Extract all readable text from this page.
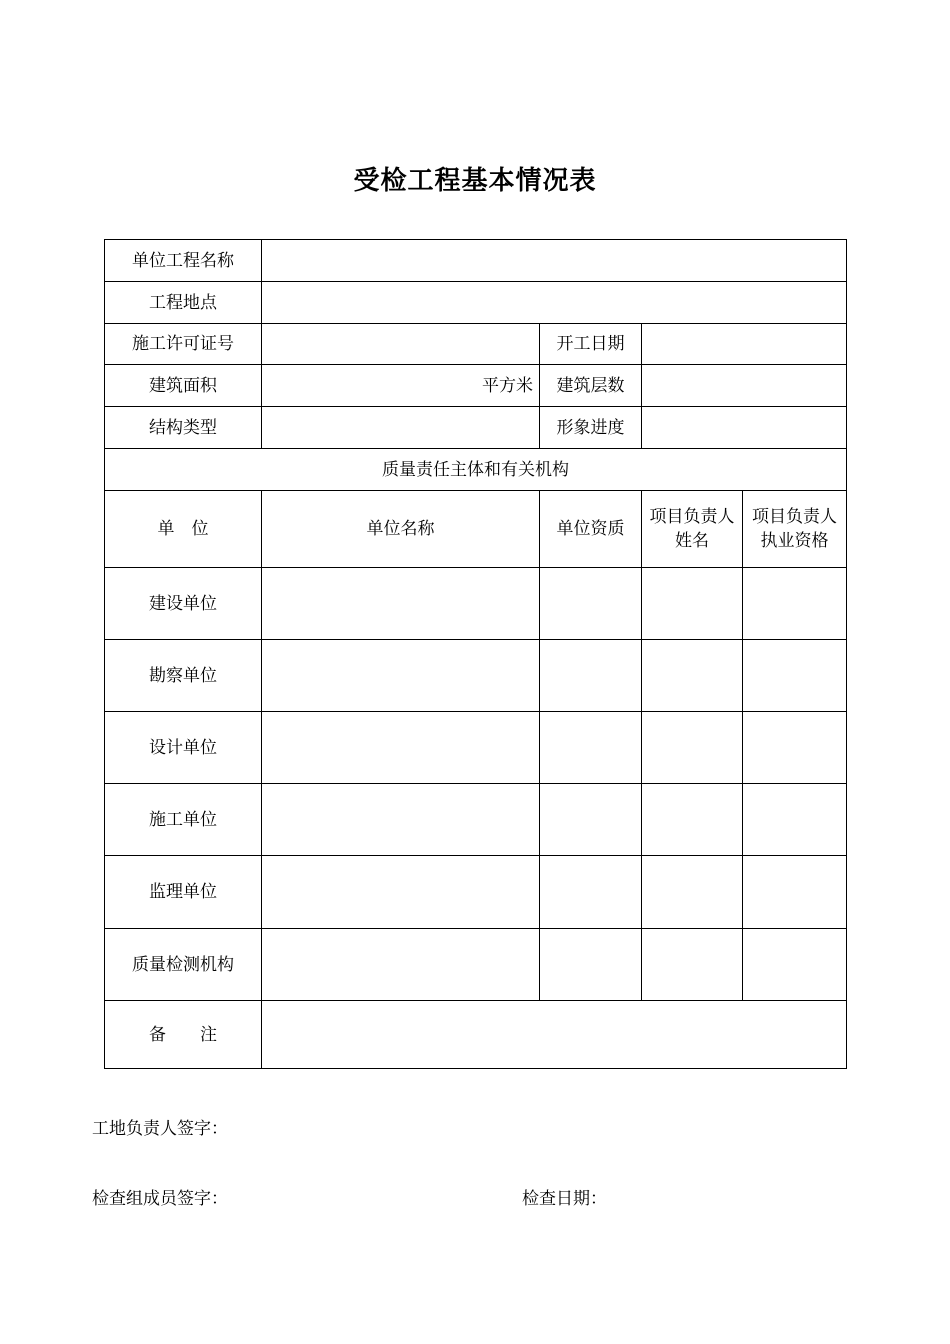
受检工程基本情况表
单位工程名称				
工程地点				
施工许可证号		开工日期		
建筑面积	平方米	建筑层数		
结构类型		形象进度		
质量责任主体和有关机构				
单　位	单位名称	单位资质	项目负责人姓名	项目负责人执业资格
建设单位				
勘察单位				
设计单位				
施工单位				
监理单位				
质量检测机构				
备　　注				
工地负责人签字：
检查组成员签字：	检查日期：
